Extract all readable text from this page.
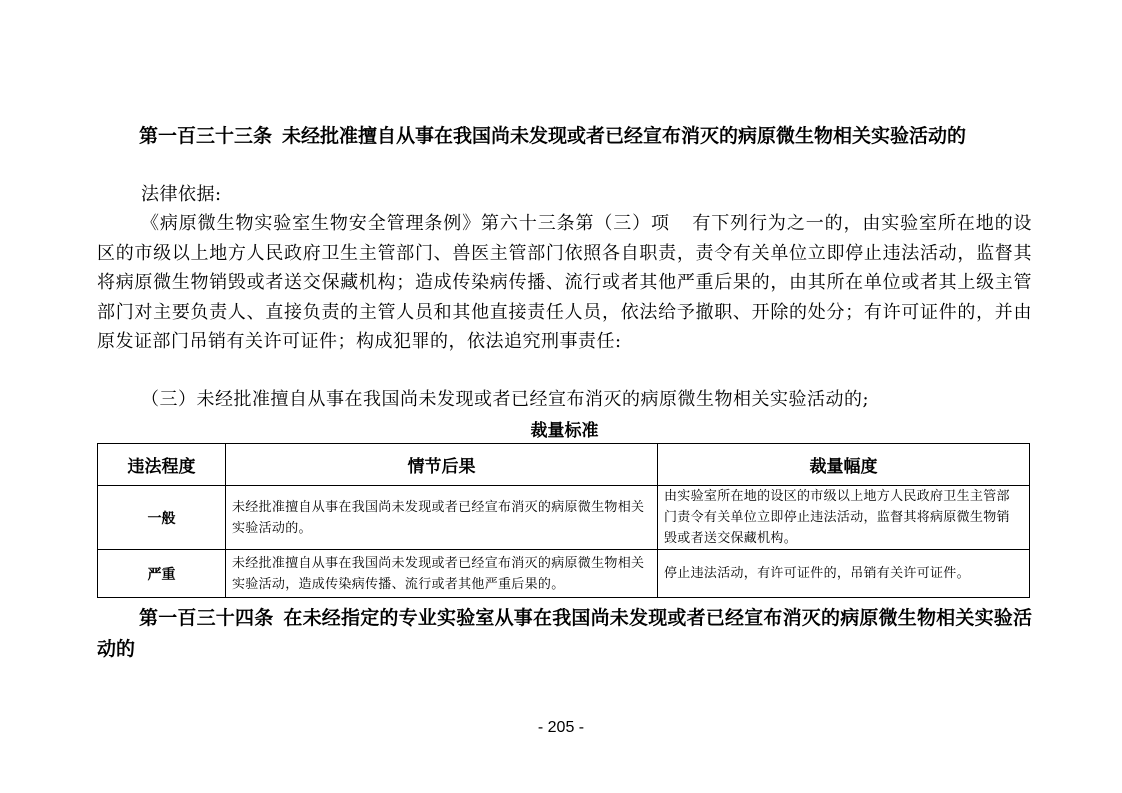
第一百三十三条 未经批准擅自从事在我国尚未发现或者已经宣布消灭的病原微生物相关实验活动的
法律依据:
《病原微生物实验室生物安全管理条例》第六十三条第（三）项 有下列行为之一的，由实验室所在地的设区的市级以上地方人民政府卫生主管部门、兽医主管部门依照各自职责，责令有关单位立即停止违法活动，监督其将病原微生物销毁或者送交保藏机构；造成传染病传播、流行或者其他严重后果的，由其所在单位或者其上级主管部门对主要负责人、直接负责的主管人员和其他直接责任人员，依法给予撤职、开除的处分；有许可证件的，并由原发证部门吊销有关许可证件；构成犯罪的，依法追究刑事责任:
（三）未经批准擅自从事在我国尚未发现或者已经宣布消灭的病原微生物相关实验活动的;
裁量标准
违法程度	情节后果	裁量幅度
一般	未经批准擅自从事在我国尚未发现或者已经宣布消灭的病原微生物相关实验活动的。	由实验室所在地的设区的市级以上地方人民政府卫生主管部门责令有关单位立即停止违法活动，监督其将病原微生物销毁或者送交保藏机构。
严重	未经批准擅自从事在我国尚未发现或者已经宣布消灭的病原微生物相关实验活动，造成传染病传播、流行或者其他严重后果的。	停止违法活动，有许可证件的，吊销有关许可证件。
第一百三十四条 在未经指定的专业实验室从事在我国尚未发现或者已经宣布消灭的病原微生物相关实验活动的
- 205 -
